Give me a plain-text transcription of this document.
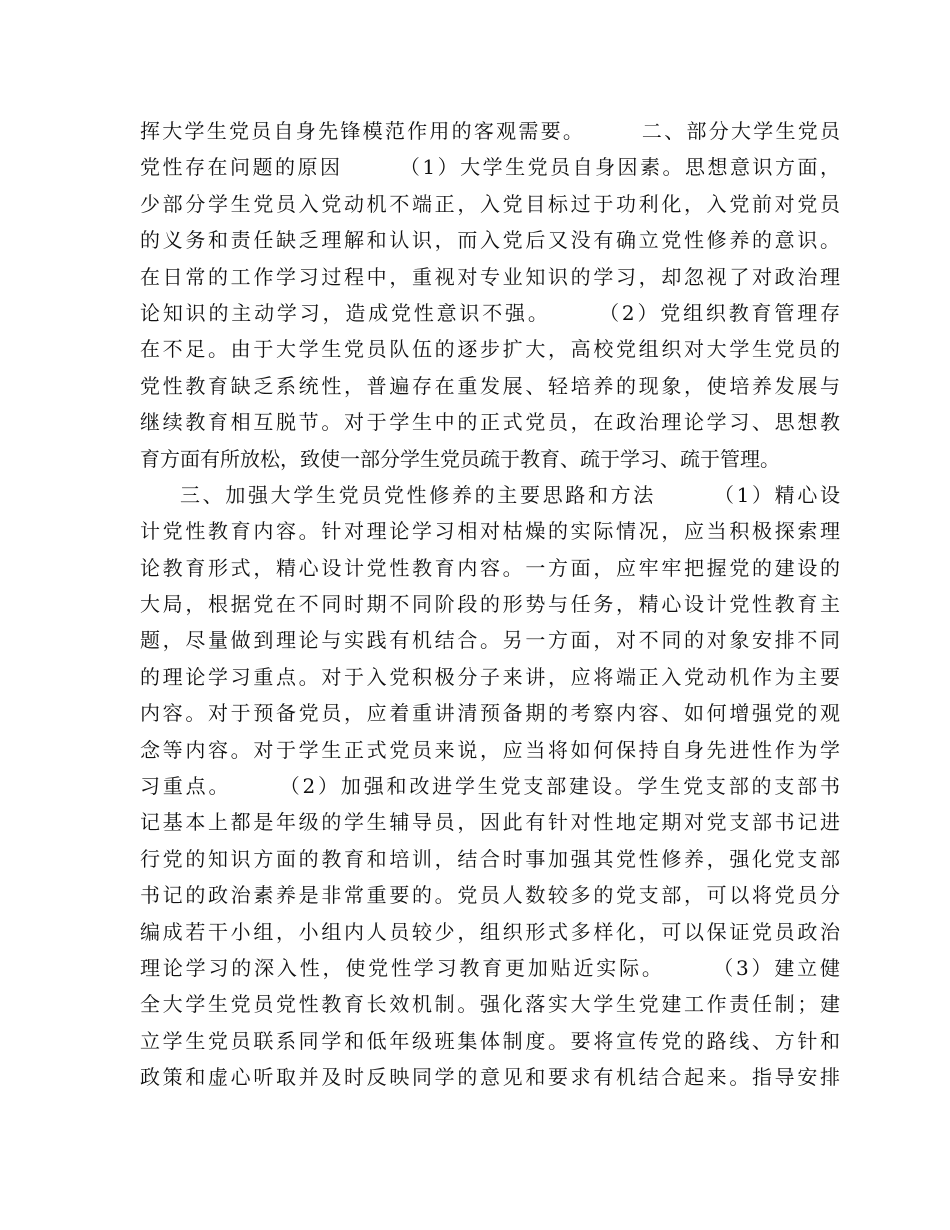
挥大学生党员自身先锋模范作用的客观需要。　　　二、部分大学生党员
党性存在问题的原因　　　（1）大学生党员自身因素。思想意识方面，
少部分学生党员入党动机不端正，入党目标过于功利化，入党前对党员
的义务和责任缺乏理解和认识，而入党后又没有确立党性修养的意识。
在日常的工作学习过程中，重视对专业知识的学习，却忽视了对政治理
论知识的主动学习，造成党性意识不强。　　　（2）党组织教育管理存
在不足。由于大学生党员队伍的逐步扩大，高校党组织对大学生党员的
党性教育缺乏系统性，普遍存在重发展、轻培养的现象，使培养发展与
继续教育相互脱节。对于学生中的正式党员，在政治理论学习、思想教
育方面有所放松，致使一部分学生党员疏于教育、疏于学习、疏于管理。
三、加强大学生党员党性修养的主要思路和方法　　　（1）精心设
计党性教育内容。针对理论学习相对枯燥的实际情况，应当积极探索理
论教育形式，精心设计党性教育内容。一方面，应牢牢把握党的建设的
大局，根据党在不同时期不同阶段的形势与任务，精心设计党性教育主
题，尽量做到理论与实践有机结合。另一方面，对不同的对象安排不同
的理论学习重点。对于入党积极分子来讲，应将端正入党动机作为主要
内容。对于预备党员，应着重讲清预备期的考察内容、如何增强党的观
念等内容。对于学生正式党员来说，应当将如何保持自身先进性作为学
习重点。　　　（2）加强和改进学生党支部建设。学生党支部的支部书
记基本上都是年级的学生辅导员，因此有针对性地定期对党支部书记进
行党的知识方面的教育和培训，结合时事加强其党性修养，强化党支部
书记的政治素养是非常重要的。党员人数较多的党支部，可以将党员分
编成若干小组，小组内人员较少，组织形式多样化，可以保证党员政治
理论学习的深入性，使党性学习教育更加贴近实际。　　　（3）建立健
全大学生党员党性教育长效机制。强化落实大学生党建工作责任制；建
立学生党员联系同学和低年级班集体制度。要将宣传党的路线、方针和
政策和虚心听取并及时反映同学的意见和要求有机结合起来。指导安排
